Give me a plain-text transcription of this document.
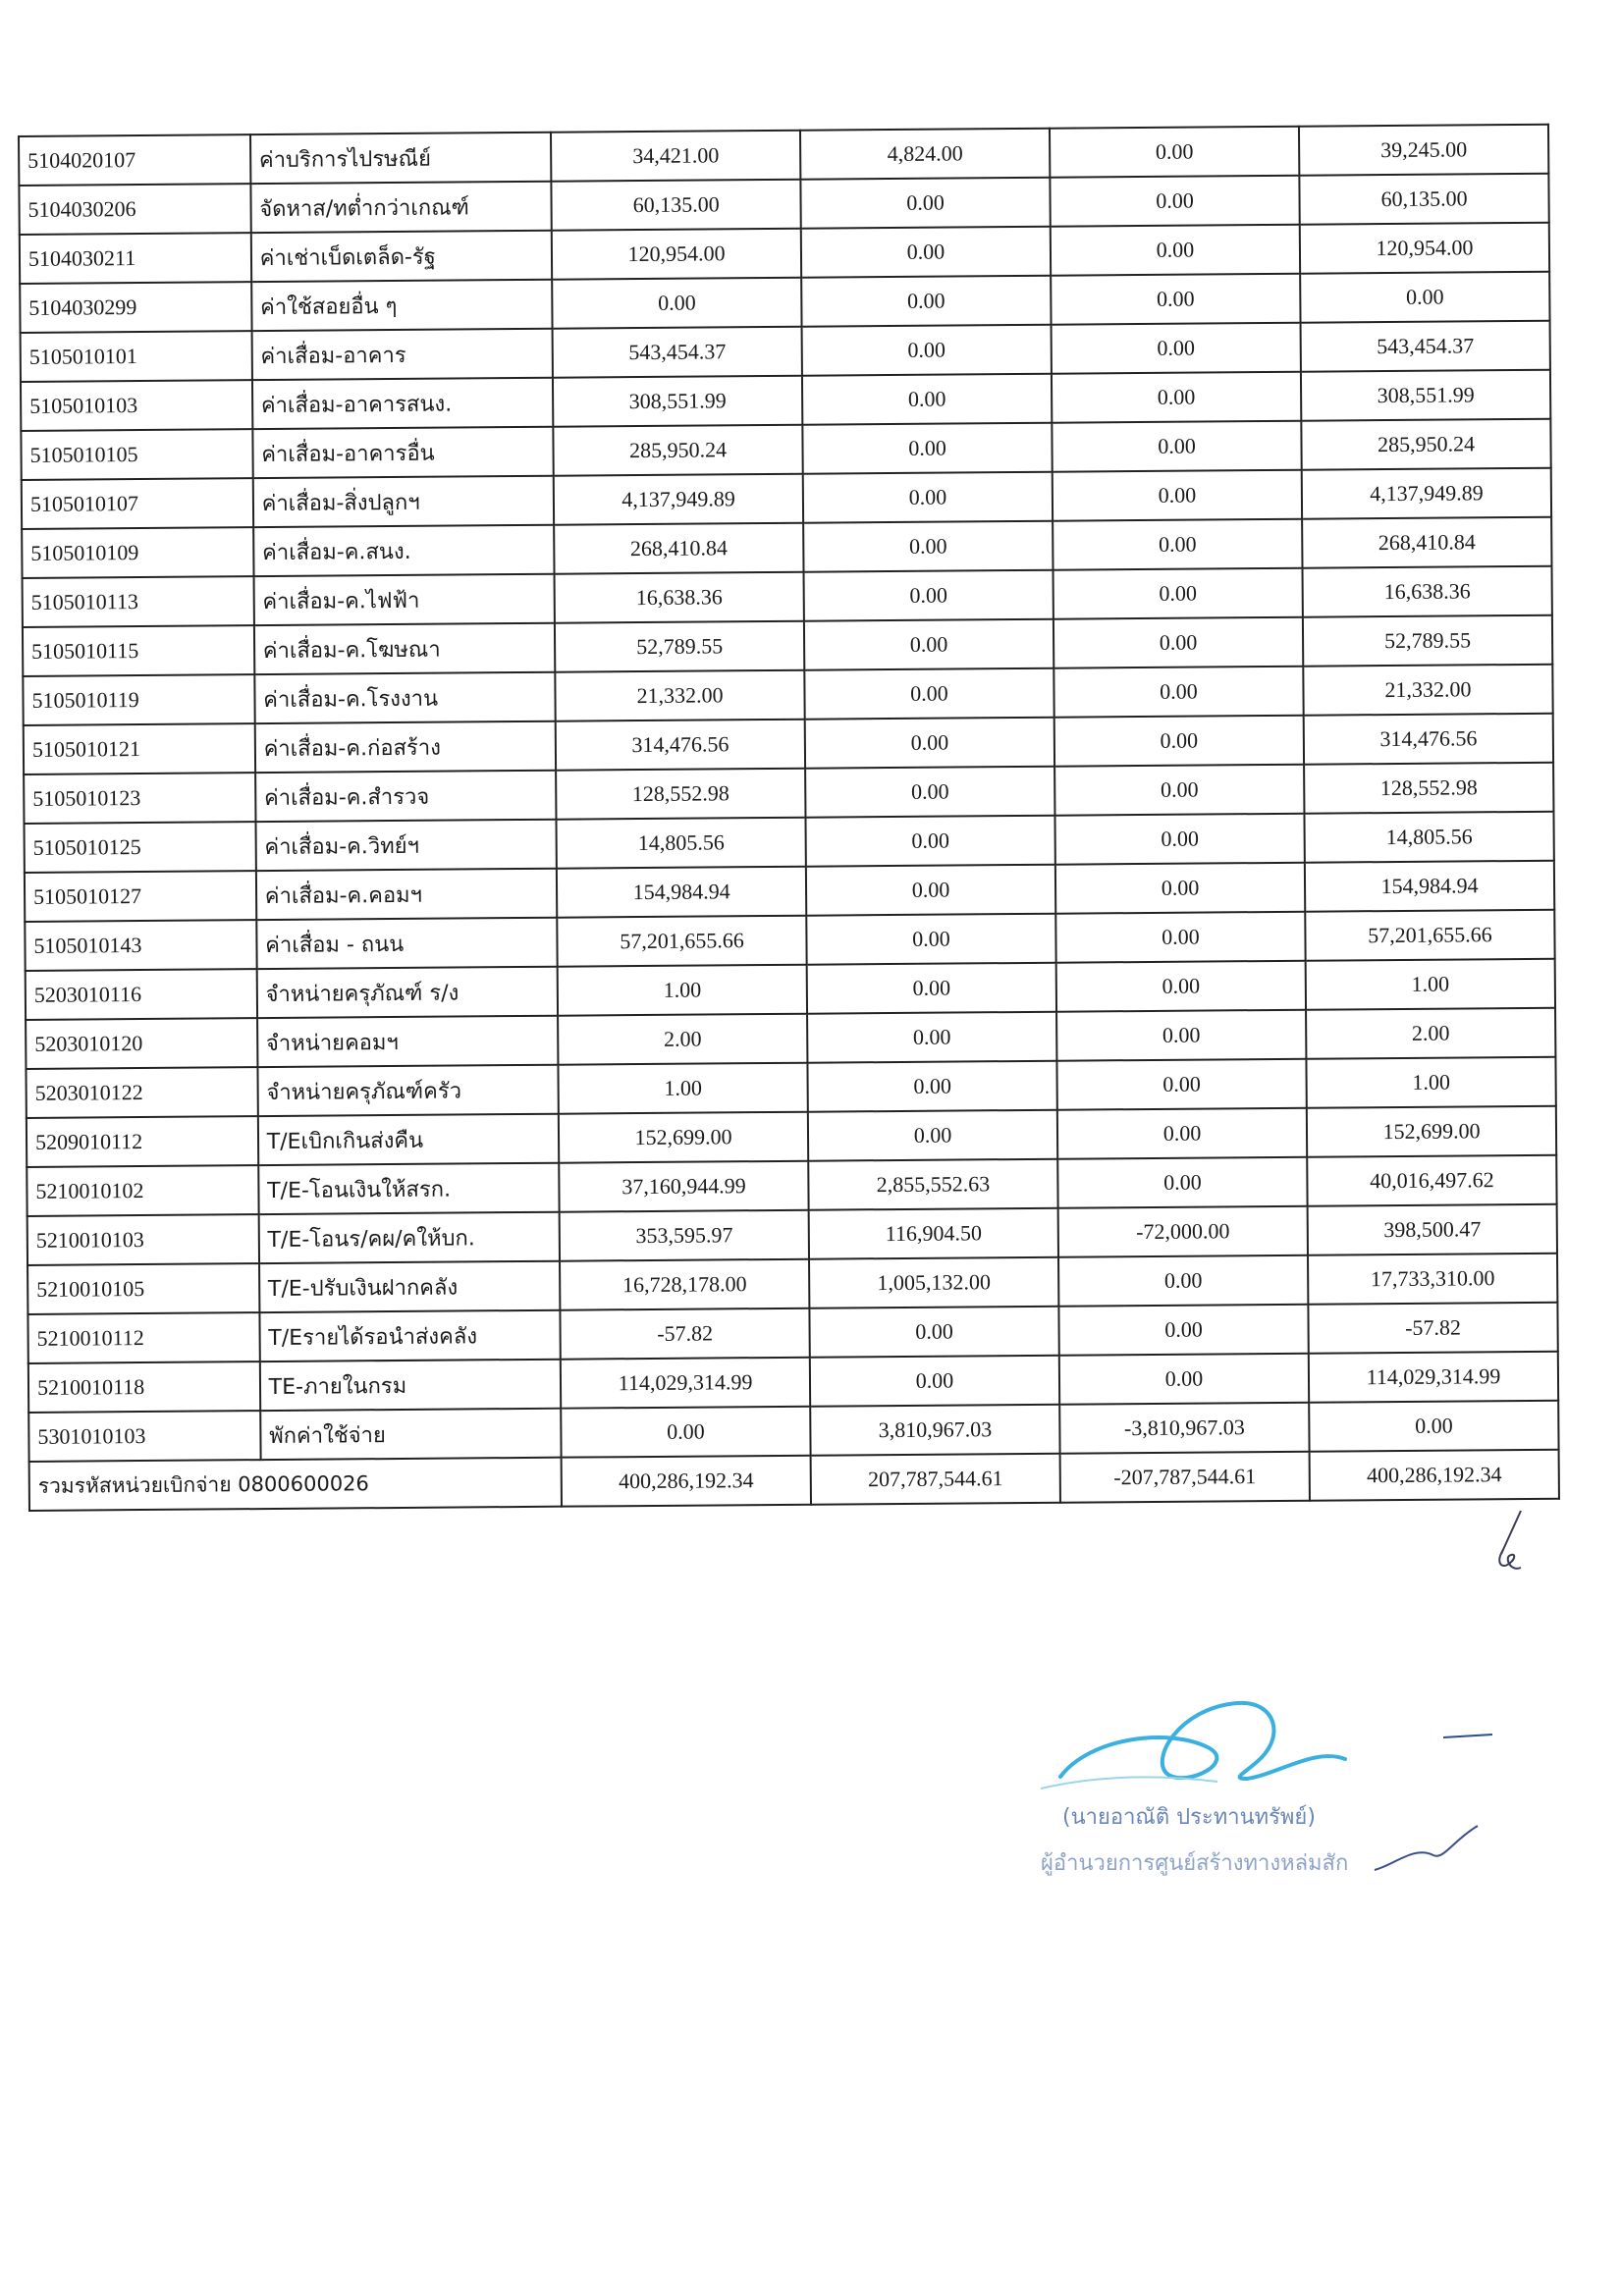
5104020107	ค่าบริการไปรษณีย์	34,421.00	4,824.00	0.00	39,245.00
5104030206	จัดหาส/ทต่ำกว่าเกณฑ์	60,135.00	0.00	0.00	60,135.00
5104030211	ค่าเช่าเบ็ดเตล็ด-รัฐ	120,954.00	0.00	0.00	120,954.00
5104030299	ค่าใช้สอยอื่น ๆ	0.00	0.00	0.00	0.00
5105010101	ค่าเสื่อม-อาคาร	543,454.37	0.00	0.00	543,454.37
5105010103	ค่าเสื่อม-อาคารสนง.	308,551.99	0.00	0.00	308,551.99
5105010105	ค่าเสื่อม-อาคารอื่น	285,950.24	0.00	0.00	285,950.24
5105010107	ค่าเสื่อม-สิ่งปลูกฯ	4,137,949.89	0.00	0.00	4,137,949.89
5105010109	ค่าเสื่อม-ค.สนง.	268,410.84	0.00	0.00	268,410.84
5105010113	ค่าเสื่อม-ค.ไฟฟ้า	16,638.36	0.00	0.00	16,638.36
5105010115	ค่าเสื่อม-ค.โฆษณา	52,789.55	0.00	0.00	52,789.55
5105010119	ค่าเสื่อม-ค.โรงงาน	21,332.00	0.00	0.00	21,332.00
5105010121	ค่าเสื่อม-ค.ก่อสร้าง	314,476.56	0.00	0.00	314,476.56
5105010123	ค่าเสื่อม-ค.สำรวจ	128,552.98	0.00	0.00	128,552.98
5105010125	ค่าเสื่อม-ค.วิทย์ฯ	14,805.56	0.00	0.00	14,805.56
5105010127	ค่าเสื่อม-ค.คอมฯ	154,984.94	0.00	0.00	154,984.94
5105010143	ค่าเสื่อม - ถนน	57,201,655.66	0.00	0.00	57,201,655.66
5203010116	จำหน่ายครุภัณฑ์ ร/ง	1.00	0.00	0.00	1.00
5203010120	จำหน่ายคอมฯ	2.00	0.00	0.00	2.00
5203010122	จำหน่ายครุภัณฑ์ครัว	1.00	0.00	0.00	1.00
5209010112	T/Eเบิกเกินส่งคืน	152,699.00	0.00	0.00	152,699.00
5210010102	T/E-โอนเงินให้สรก.	37,160,944.99	2,855,552.63	0.00	40,016,497.62
5210010103	T/E-โอนร/คผ/คให้บก.	353,595.97	116,904.50	-72,000.00	398,500.47
5210010105	T/E-ปรับเงินฝากคลัง	16,728,178.00	1,005,132.00	0.00	17,733,310.00
5210010112	T/Eรายได้รอนำส่งคลัง	-57.82	0.00	0.00	-57.82
5210010118	TE-ภายในกรม	114,029,314.99	0.00	0.00	114,029,314.99
5301010103	พักค่าใช้จ่าย	0.00	3,810,967.03	-3,810,967.03	0.00
รวมรหัสหน่วยเบิกจ่าย 0800600026		400,286,192.34	207,787,544.61	-207,787,544.61	400,286,192.34
(นายอาณัติ ประทานทรัพย์)
ผู้อำนวยการศูนย์สร้างทางหล่มสัก
